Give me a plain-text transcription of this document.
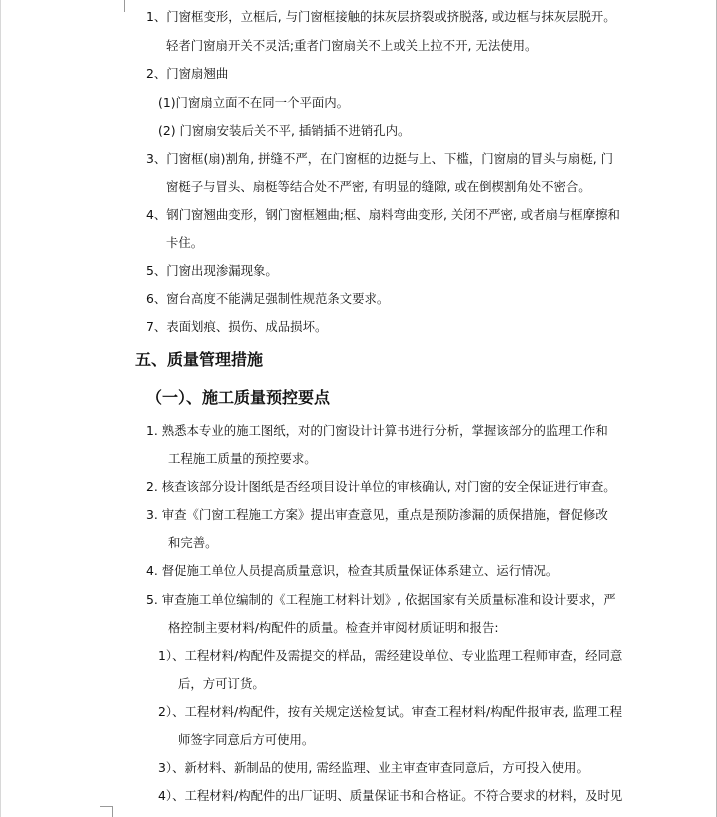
1、门窗框变形，立框后, 与门窗框接触的抹灰层挤裂或挤脱落, 或边框与抹灰层脱开。
轻者门窗扇开关不灵活;重者门窗扇关不上或关上拉不开, 无法使用。
2、门窗扇翘曲
(1)门窗扇立面不在同一个平面内。
(2) 门窗扇安装后关不平, 插销插不进销孔内。
3、门窗框(扇)割角, 拼缝不严，在门窗框的边挺与上、下槛，门窗扇的冒头与扇梃, 门
窗梃子与冒头、扇梃等结合处不严密, 有明显的缝隙, 或在倒楔割角处不密合。
4、钢门窗翘曲变形，钢门窗框翘曲;框、扇料弯曲变形, 关闭不严密, 或者扇与框摩擦和
卡住。
5、门窗出现渗漏现象。
6、窗台高度不能满足强制性规范条文要求。
7、表面划痕、损伤、成品损坏。
五、质量管理措施
（一）、施工质量预控要点
1. 熟悉本专业的施工图纸，对的门窗设计计算书进行分析，掌握该部分的监理工作和
工程施工质量的预控要求。
2. 核查该部分设计图纸是否经项目设计单位的审核确认, 对门窗的安全保证进行审查。
3. 审查《门窗工程施工方案》提出审查意见，重点是预防渗漏的质保措施，督促修改
和完善。
4. 督促施工单位人员提高质量意识，检查其质量保证体系建立、运行情况。
5. 审查施工单位编制的《工程施工材料计划》, 依据国家有关质量标准和设计要求，严
格控制主要材料/构配件的质量。检查并审阅材质证明和报告:
1）、工程材料/构配件及需提交的样品，需经建设单位、专业监理工程师审查，经同意
后，方可订货。
2）、工程材料/构配件，按有关规定送检复试。审查工程材料/构配件报审表, 监理工程
师签字同意后方可使用。
3）、新材料、新制品的使用, 需经监理、业主审查审查同意后，方可投入使用。
4）、工程材料/构配件的出厂证明、质量保证书和合格证。不符合要求的材料，及时见
